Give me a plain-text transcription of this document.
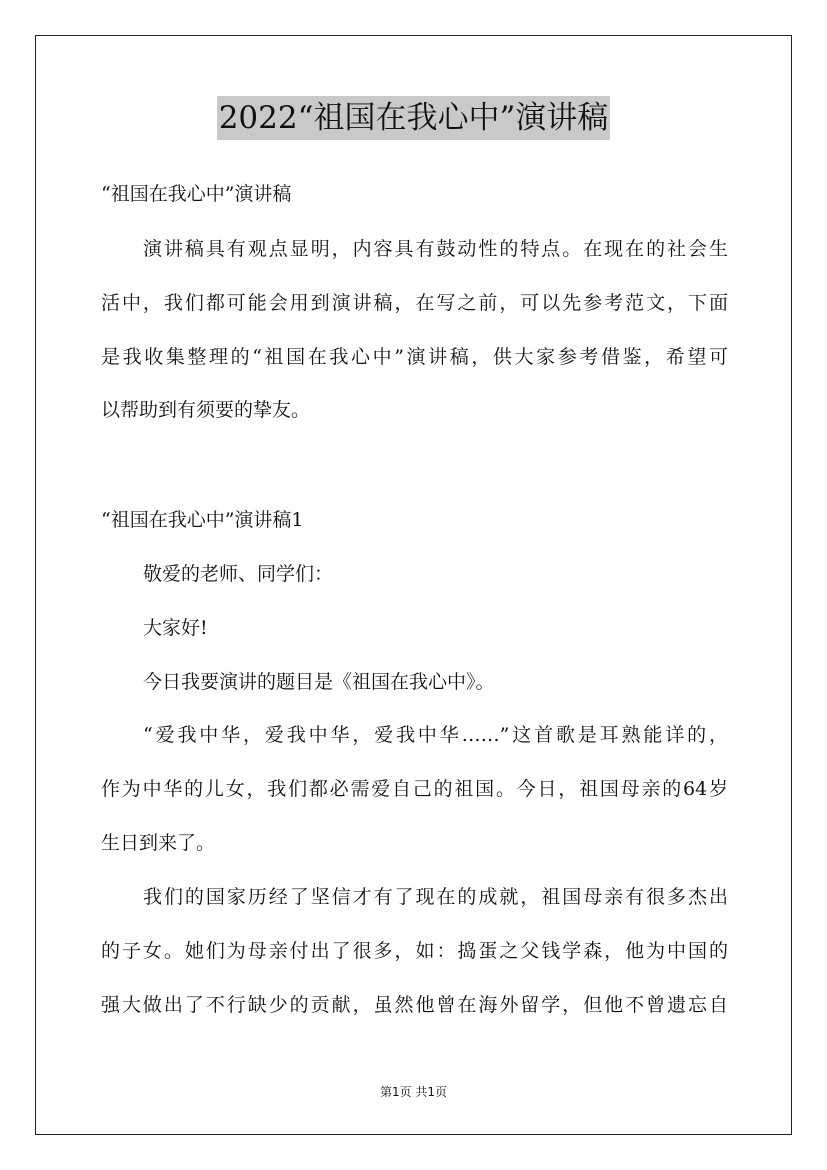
2022“祖国在我心中”演讲稿
“祖国在我心中”演讲稿
演讲稿具有观点显明，内容具有鼓动性的特点。在现在的社会生
活中，我们都可能会用到演讲稿，在写之前，可以先参考范文，下面
是我收集整理的“祖国在我心中”演讲稿，供大家参考借鉴，希望可
以帮助到有须要的挚友。
“祖国在我心中”演讲稿1
敬爱的老师、同学们：
大家好!
今日我要演讲的题目是《祖国在我心中》。
“爱我中华，爱我中华，爱我中华……”这首歌是耳熟能详的，
作为中华的儿女，我们都必需爱自己的祖国。今日，祖国母亲的64岁
生日到来了。
我们的国家历经了坚信才有了现在的成就，祖国母亲有很多杰出
的子女。她们为母亲付出了很多，如：捣蛋之父钱学森，他为中国的
强大做出了不行缺少的贡献，虽然他曾在海外留学，但他不曾遗忘自
第1页 共1页
